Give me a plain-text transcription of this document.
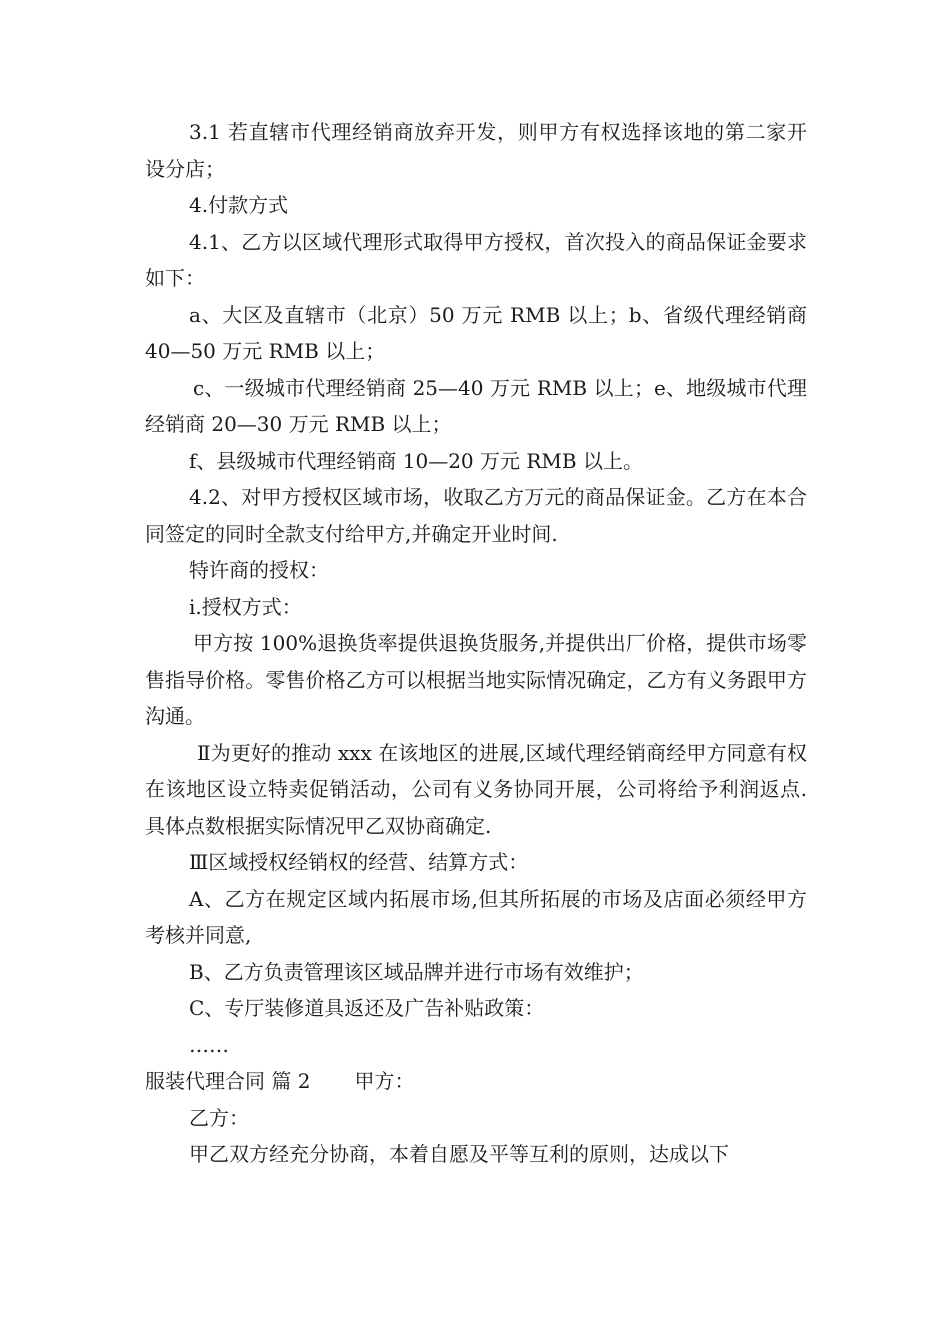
3.1 若直辖市代理经销商放弃开发，则甲方有权选择该地的第二家开设分店；

4.付款方式

4.1、乙方以区域代理形式取得甲方授权，首次投入的商品保证金要求如下：

a、大区及直辖市（北京）50 万元 RMB 以上；b、省级代理经销商 40—50 万元 RMB 以上；

c、一级城市代理经销商 25—40 万元 RMB 以上；e、地级城市代理经销商 20—30 万元 RMB 以上；

f、县级城市代理经销商 10—20 万元 RMB 以上。

4.2、对甲方授权区域市场，收取乙方万元的商品保证金。乙方在本合同签定的同时全款支付给甲方,并确定开业时间.

特许商的授权：

i.授权方式：

甲方按 100%退换货率提供退换货服务,并提供出厂价格，提供市场零售指导价格。零售价格乙方可以根据当地实际情况确定，乙方有义务跟甲方沟通。

Ⅱ为更好的推动 xxx 在该地区的进展,区域代理经销商经甲方同意有权在该地区设立特卖促销活动，公司有义务协同开展，公司将给予利润返点.具体点数根据实际情况甲乙双协商确定.

Ⅲ区域授权经销权的经营、结算方式：

A、乙方在规定区域内拓展市场,但其所拓展的市场及店面必须经甲方考核并同意,

B、乙方负责管理该区域品牌并进行市场有效维护；

C、专厅装修道具返还及广告补贴政策：

……

服装代理合同 篇 2 甲方：

乙方：

甲乙双方经充分协商，本着自愿及平等互利的原则，达成以下
